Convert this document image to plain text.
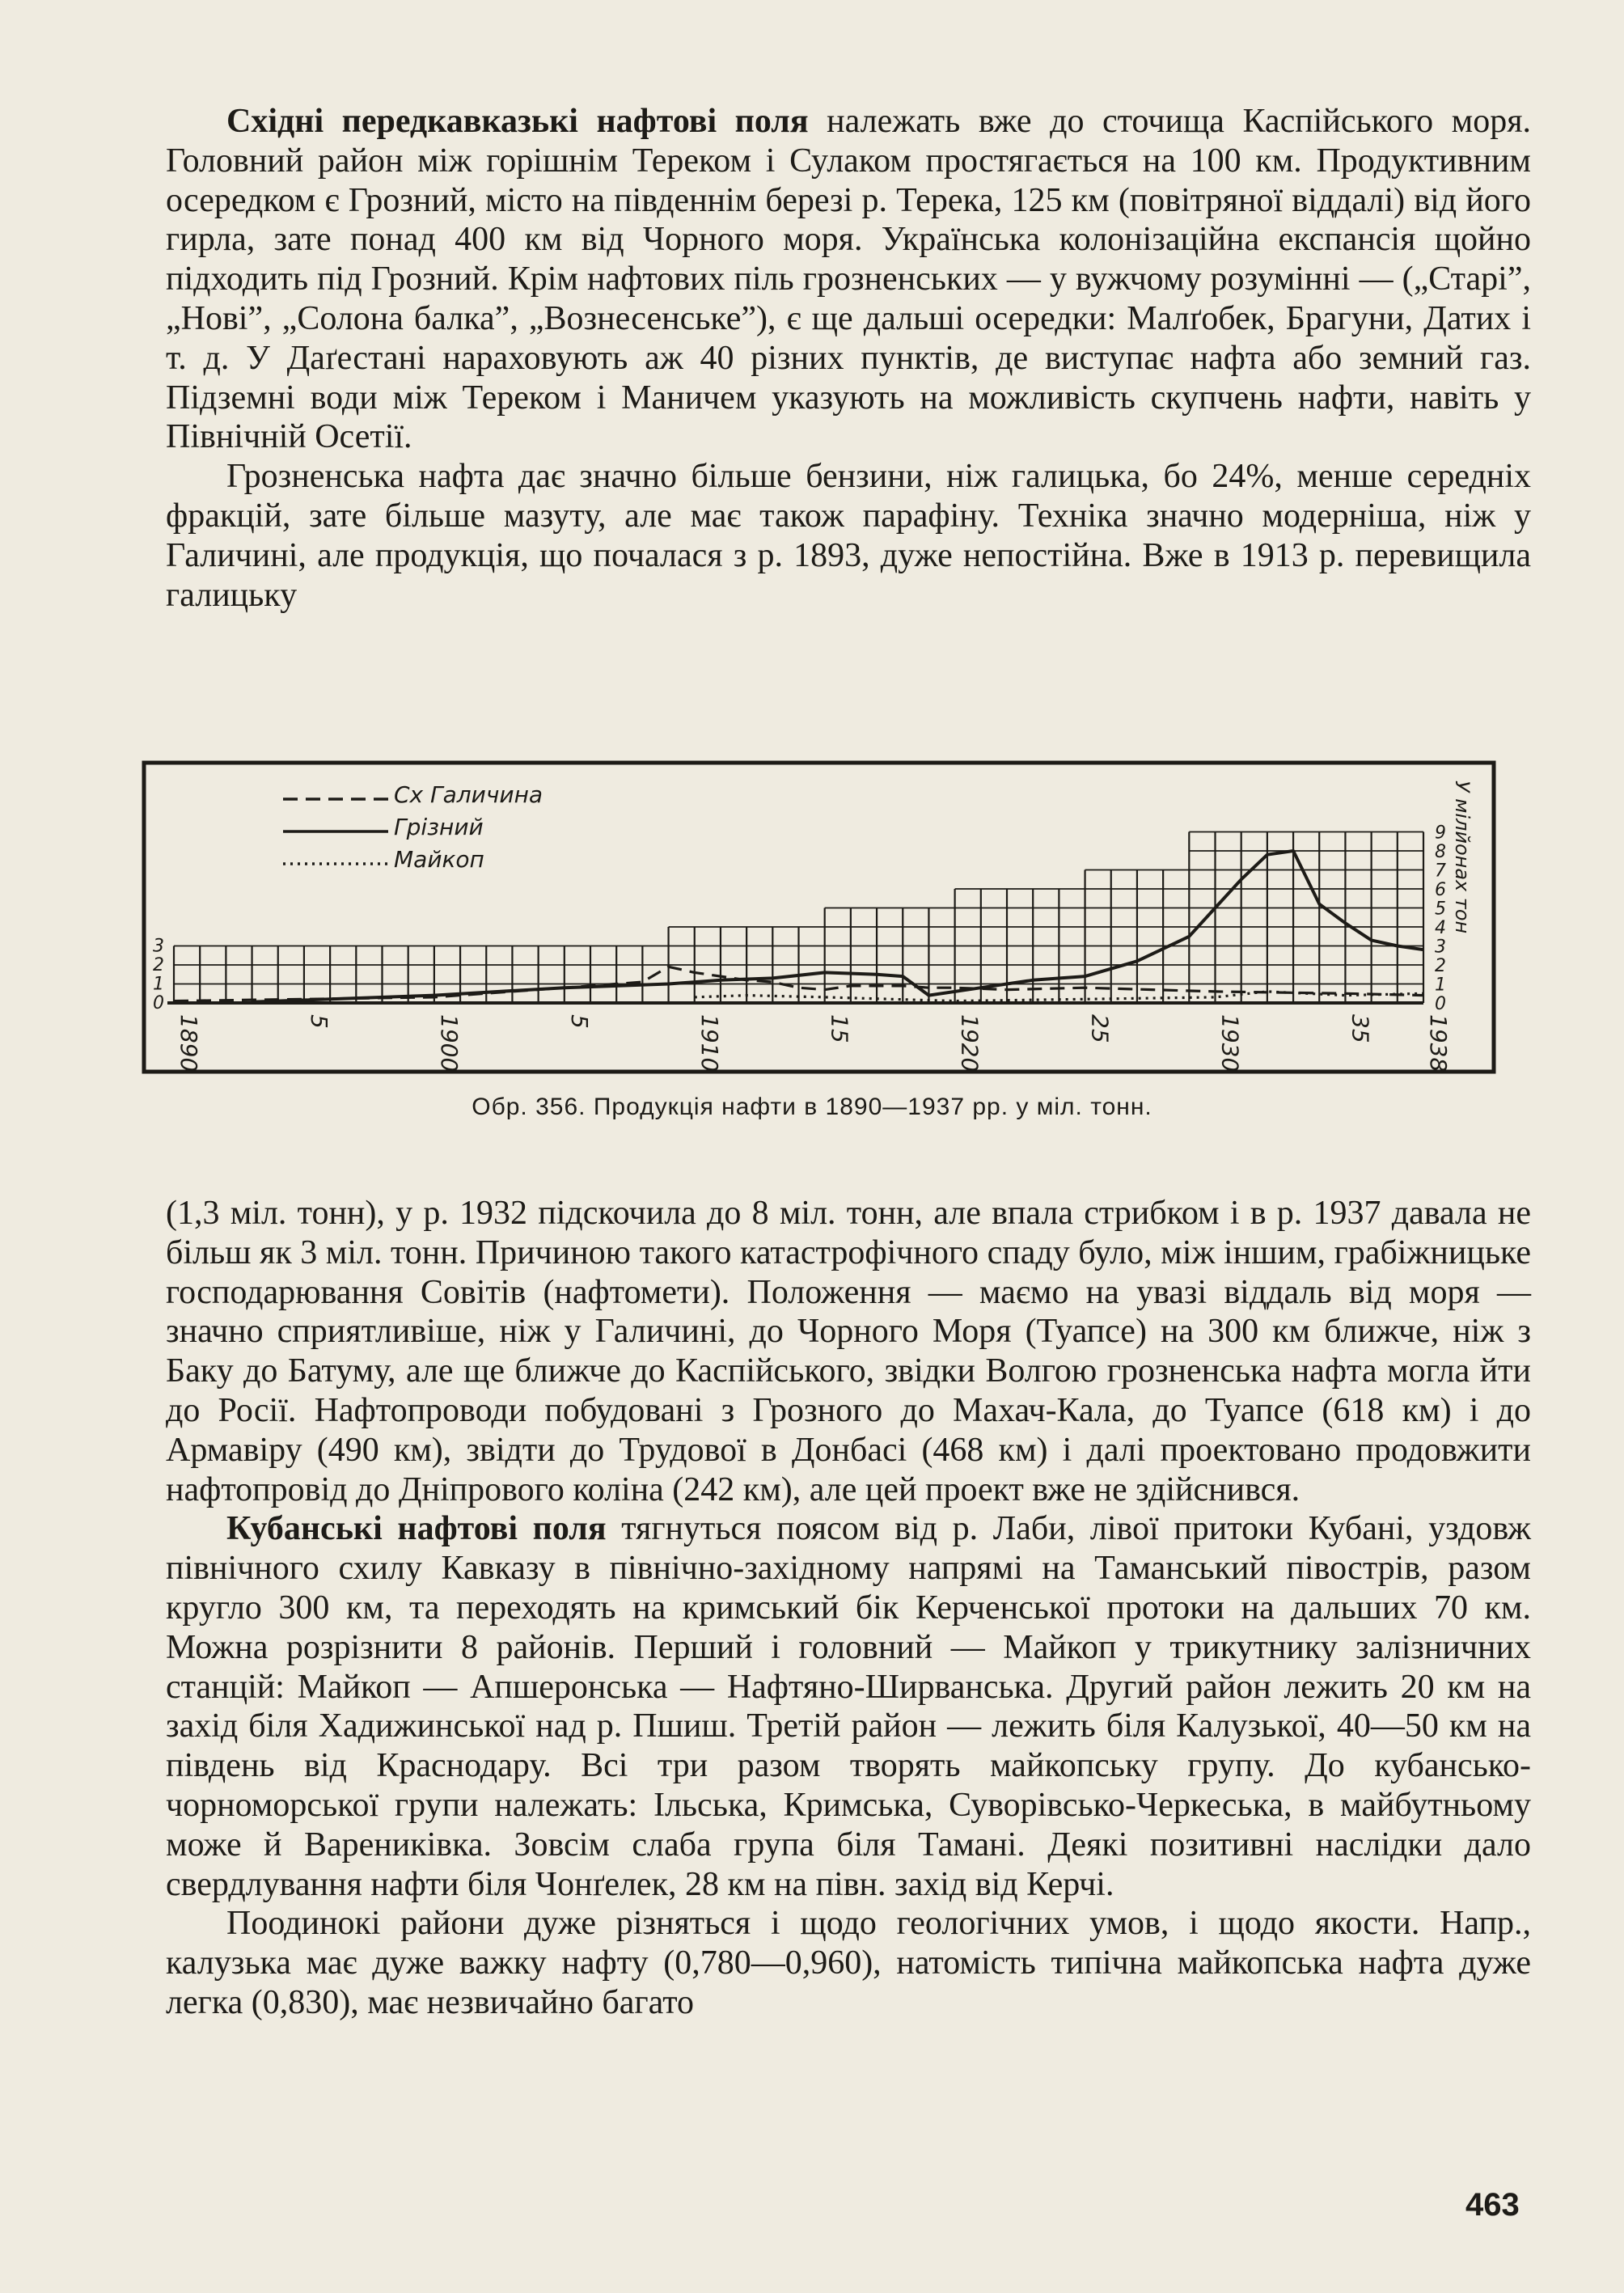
Східні передкавказькі нафтові поля належать вже до сточища Каспійського моря. Головний район між горішнім Тереком і Сулаком простягається на 100 км. Продуктивним осередком є Грозний, місто на південнім березі р. Терека, 125 км (повітряної віддалі) від його гирла, зате понад 400 км від Чорного моря. Українська колонізаційна експансія щойно підходить під Грозний. Крім нафтових піль грозненських — у вужчому розумінні — („Старі”, „Нові”, „Солона балка”, „Вознесенське”), є ще дальші осередки: Малґобек, Брагуни, Датих і т. д. У Даґестані нараховують аж 40 різних пунктів, де виступає нафта або земний газ. Підземні води між Тереком і Маничем указують на можливість скупчень нафти, навіть у Північній Осетії.

Грозненська нафта дає значно більше бензини, ніж галицька, бо 24%, менше середніх фракцій, зате більше мазуту, але має також парафіну. Техніка значно модерніша, ніж у Галичині, але продукція, що почалася з р. 1893, дуже непостійна. Вже в 1913 р. перевищила галицьку

0
1
2
3
0
1
2
3
4
5
6
7
8
9
1890	5	1900	5	1910	15	1920	25	1930	35 1938
Сх Галичина
Грізний
Майкоп	У мілйонах тон
Обр. 356. Продукція нафти в 1890—1937 рр. у міл. тонн.

(1,3 міл. тонн), у р. 1932 підскочила до 8 міл. тонн, але впала стрибком і в р. 1937 давала не більш як 3 міл. тонн. Причиною такого катастрофічного спаду було, між іншим, грабіжницьке господарювання Совітів (нафтомети). Положення — маємо на увазі віддаль від моря — значно сприятливіше, ніж у Галичині, до Чорного Моря (Туапсе) на 300 км ближче, ніж з Баку до Батуму, але ще ближче до Каспійського, звідки Волгою грозненська нафта могла йти до Росії. Нафтопроводи побудовані з Грозного до Махач-Кала, до Туапсе (618 км) і до Армавіру (490 км), звідти до Трудової в Донбасі (468 км) і далі проектовано продовжити нафтопровід до Дніпрового коліна (242 км), але цей проект вже не здійснився.

Кубанські нафтові поля тягнуться поясом від р. Лаби, лівої притоки Кубані, уздовж північного схилу Кавказу в північно-західному напрямі на Таманський півострів, разом кругло 300 км, та переходять на кримський бік Керченської протоки на дальших 70 км. Можна розрізнити 8 районів. Перший і головний — Майкоп у трикутнику залізничних станцій: Майкоп — Апшеронська — Нафтяно-Ширванська. Другий район лежить 20 км на захід біля Хадижинської над р. Пшиш. Третій район — лежить біля Калузької, 40—50 км на південь від Краснодару. Всі три разом творять майкопську групу. До кубансько-чорноморської групи належать: Ільська, Кримська, Суворівсько-Черкеська, в майбутньому може й Варениківка. Зовсім слаба група біля Тамані. Деякі позитивні наслідки дало свердлування нафти біля Чонґелек, 28 км на півн. захід від Керчі.

Поодинокі райони дуже різняться і щодо геологічних умов, і щодо якости. Напр., калузька має дуже важку нафту (0,780—0,960), натомість типічна майкопська нафта дуже легка (0,830), має незвичайно багато

463
